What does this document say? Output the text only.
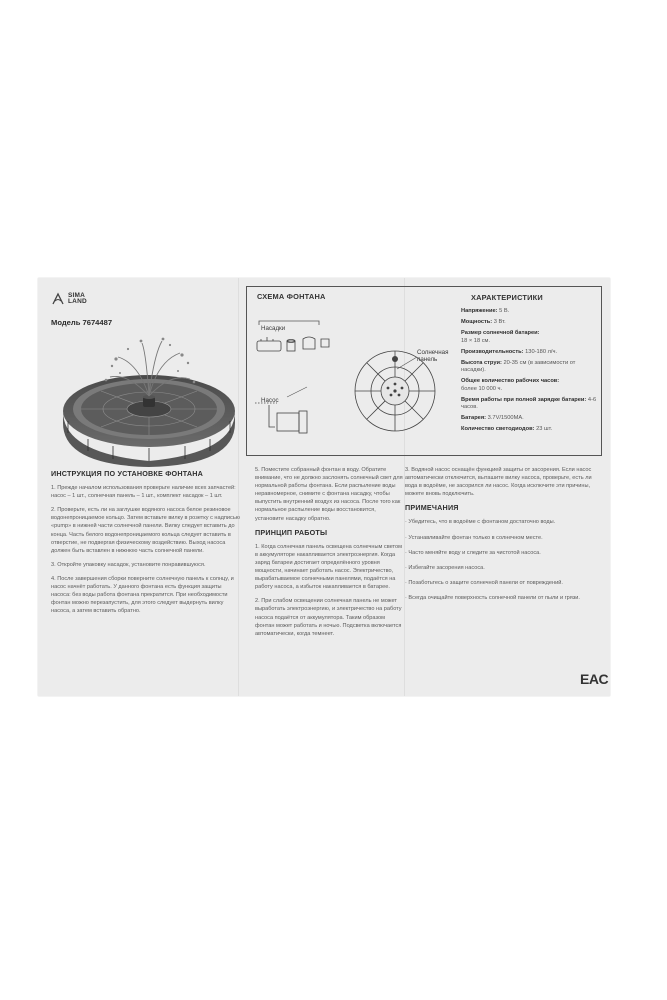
SIMA
LAND
Модель 7674487
СХЕМА ФОНТАНА
Насадки
Насос
Солнечная панель
ХАРАКТЕРИСТИКИ
Напряжение: 5 В.
Мощность: 3 Вт.
Размер солнечной батареи:
18 × 18 см.
Производительность: 130-180 л/ч.
Высота струи: 20-35 см (в зависимости от насадки).
Общее количество рабочих часов:
более 10 000 ч.
Время работы при полной зарядке батареи: 4-6 часов.
Батарея: 3.7V/1500MA.
Количество светодиодов: 23 шт.
ИНСТРУКЦИЯ ПО УСТАНОВКЕ ФОНТАНА

1. Прежде началом использования проверьте наличие всех запчастей: насос – 1 шт., солнечная панель – 1 шт., комплект насадок – 1 шт.

2. Проверьте, есть ли на заглушке водяного насоса белое резиновое водонепроницаемое кольцо. Затем вставьте вилку в розетку с надписью «pump» в нижней части солнечной панели. Вилку следует вставить до конца. Часть белого водонепроницаемого кольца следует вставить в отверстие, не подвергая физическому воздействию. Выход насоса должен быть вставлен в нижнюю часть солнечной панели.

3. Откройте упаковку насадок, установите понравившуюся.

4. После завершения сборки поверните солнечную панель к солнцу, и насос начнёт работать. У данного фонтана есть функция защиты насоса: без воды работа фонтана прекратится. При необходимости фонтан можно перезапустить, для этого следует выдернуть вилку насоса, а затем вставить обратно.

5. Поместите собранный фонтан в воду. Обратите внимание, что не должно заслонять солнечный свет для нормальной работы фонтана. Если распыление воды неравномерное, снимите с фонтана насадку, чтобы выпустить внутренний воздух из насоса. После того как нормальное распыление воды восстановится, установите насадку обратно.

ПРИНЦИП РАБОТЫ

1. Когда солнечная панель освещена солнечным светом в аккумуляторе накапливается электроэнергия. Когда заряд батареи достигает определённого уровня мощности, начинает работать насос. Электричество, вырабатываемое солнечными панелями, подаётся на работу насоса, а избыток накапливается в батарее.

2. При слабом освещении солнечная панель не может выработать электроэнергию, и электричество на работу насоса подаётся от аккумулятора. Таким образом фонтан может работать и ночью. Подсветка включается автоматически, когда темнеет.

3. Водяной насос оснащён функцией защиты от засорения. Если насос автоматически отключится, выташите вилку насоса, проверьте, есть ли вода в водоёме, не засорился ли насос. Когда исключите эти причины, можете вновь подключить.

ПРИМЕЧАНИЯ
· Убедитесь, что в водоёме с фонтаном достаточно воды.
· Устанавливайте фонтан только в солнечном месте.
· Часто меняйте воду и следите за чистотой насоса.
· Избегайте засорения насоса.
· Позаботьтесь о защите солнечной панели от повреждений.
· Всегда очищайте поверхность солнечной панели от пыли и грязи.
EAC
